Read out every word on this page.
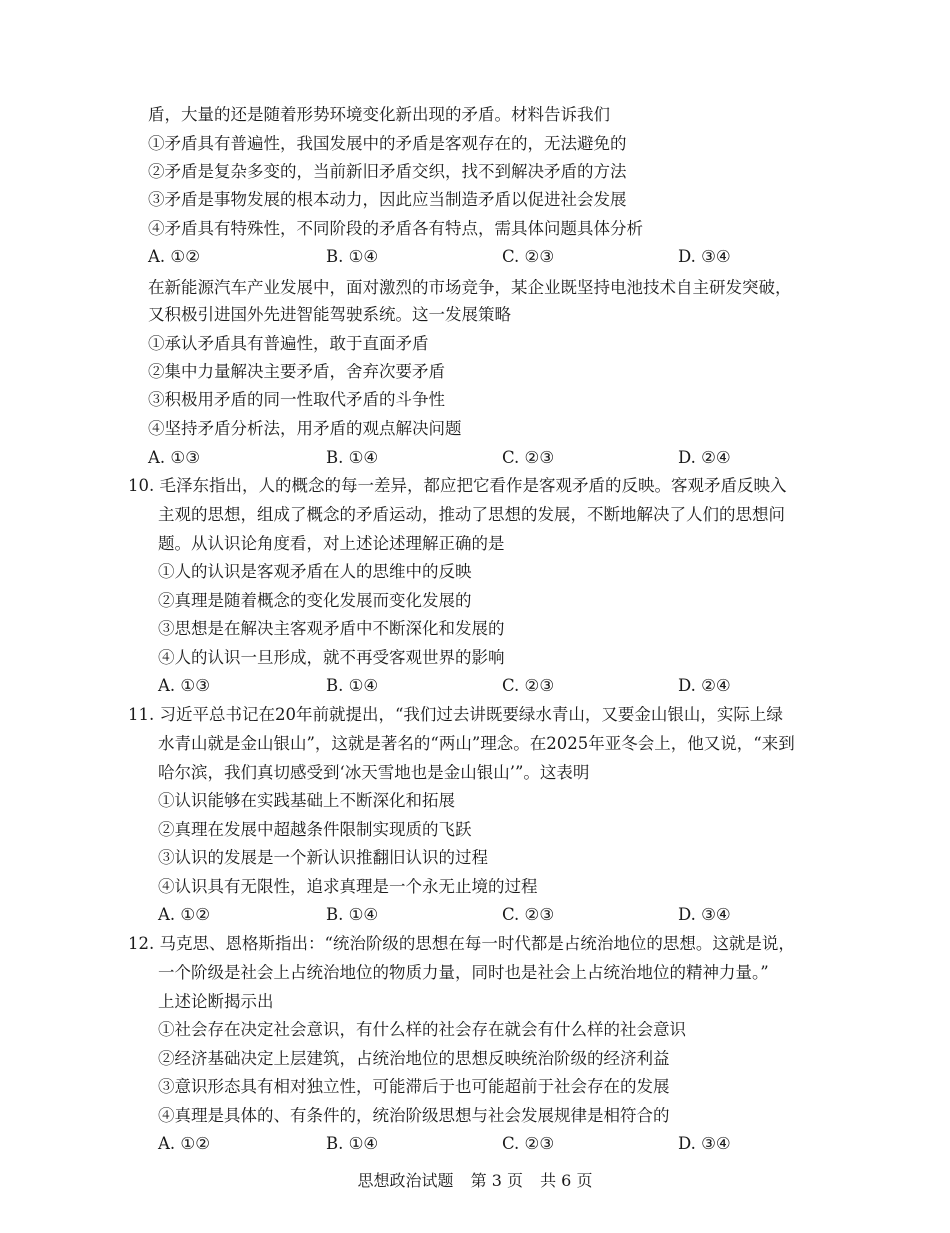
盾，大量的还是随着形势环境变化新出现的矛盾。材料告诉我们
①矛盾具有普遍性，我国发展中的矛盾是客观存在的，无法避免的
②矛盾是复杂多变的，当前新旧矛盾交织，找不到解决矛盾的方法
③矛盾是事物发展的根本动力，因此应当制造矛盾以促进社会发展
④矛盾具有特殊性，不同阶段的矛盾各有特点，需具体问题具体分析
A. ①②	B. ①④	C. ②③	D. ③④
在新能源汽车产业发展中，面对激烈的市场竞争，某企业既坚持电池技术自主研发突破，
又积极引进国外先进智能驾驶系统。这一发展策略
①承认矛盾具有普遍性，敢于直面矛盾
②集中力量解决主要矛盾，舍弃次要矛盾
③积极用矛盾的同一性取代矛盾的斗争性
④坚持矛盾分析法，用矛盾的观点解决问题
A. ①③	B. ①④	C. ②③	D. ②④
10. 毛泽东指出，人的概念的每一差异，都应把它看作是客观矛盾的反映。客观矛盾反映入
主观的思想，组成了概念的矛盾运动，推动了思想的发展，不断地解决了人们的思想问
题。从认识论角度看，对上述论述理解正确的是
①人的认识是客观矛盾在人的思维中的反映
②真理是随着概念的变化发展而变化发展的
③思想是在解决主客观矛盾中不断深化和发展的
④人的认识一旦形成，就不再受客观世界的影响
A. ①③	B. ①④	C. ②③	D. ②④
11. 习近平总书记在20年前就提出，“我们过去讲既要绿水青山，又要金山银山，实际上绿
水青山就是金山银山”，这就是著名的“两山”理念。在2025年亚冬会上，他又说，“来到
哈尔滨，我们真切感受到‘冰天雪地也是金山银山’”。这表明
①认识能够在实践基础上不断深化和拓展
②真理在发展中超越条件限制实现质的飞跃
③认识的发展是一个新认识推翻旧认识的过程
④认识具有无限性，追求真理是一个永无止境的过程
A. ①②	B. ①④	C. ②③	D. ③④
12. 马克思、恩格斯指出：“统治阶级的思想在每一时代都是占统治地位的思想。这就是说，
一个阶级是社会上占统治地位的物质力量，同时也是社会上占统治地位的精神力量。”
上述论断揭示出
①社会存在决定社会意识，有什么样的社会存在就会有什么样的社会意识
②经济基础决定上层建筑，占统治地位的思想反映统治阶级的经济利益
③意识形态具有相对独立性，可能滞后于也可能超前于社会存在的发展
④真理是具体的、有条件的，统治阶级思想与社会发展规律是相符合的
A. ①②	B. ①④	C. ②③	D. ③④
思想政治试题 第 3 页 共 6 页
